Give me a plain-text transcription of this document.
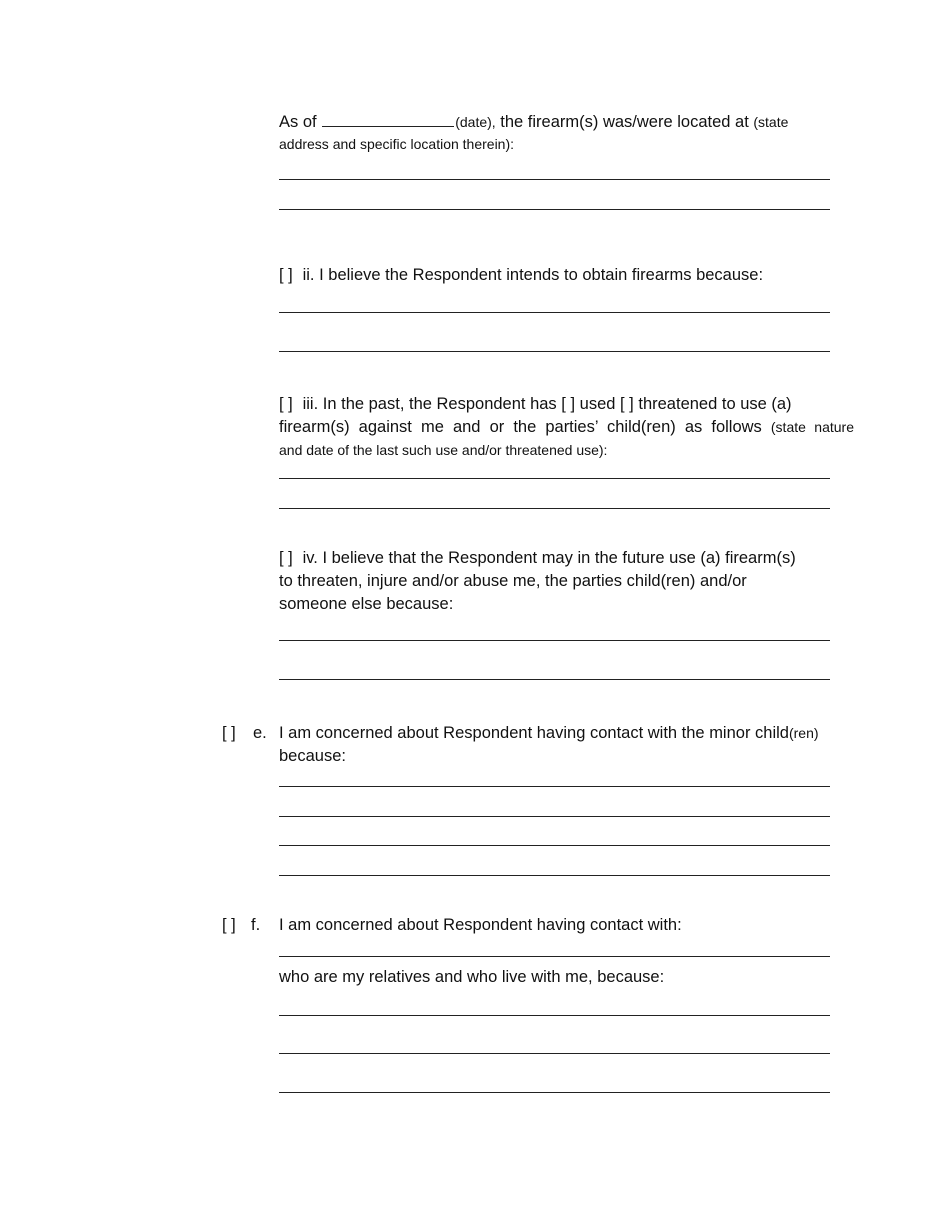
As of	(date), the firearm(s) was/were located at (state
address and specific location therein):
[ ] ii. I believe the Respondent intends to obtain firearms because:
[ ] iii. In the past, the Respondent has [ ] used [ ] threatened to use (a)
firearm(s) against me and or the parties’ child(ren) as follows (state nature
and date of the last such use and/or threatened use):
[ ] iv. I believe that the Respondent may in the future use (a) firearm(s)
to threaten, injure and/or abuse me, the parties child(ren) and/or
someone else because:
[ ] e. I am concerned about Respondent having contact with the minor child(ren)
because:
[ ] f. I am concerned about Respondent having contact with:
who are my relatives and who live with me, because:
